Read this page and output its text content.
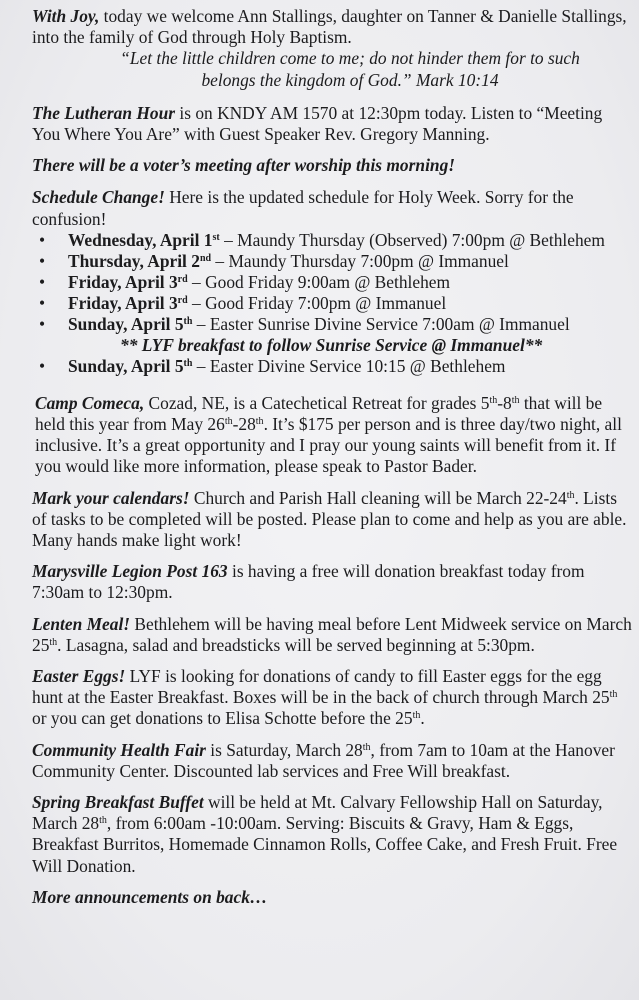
With Joy, today we welcome Ann Stallings, daughter on Tanner & Danielle Stallings, into the family of God through Holy Baptism.

“Let the little children come to me; do not hinder them for to such
belongs the kingdom of God.” Mark 10:14

The Lutheran Hour is on KNDY AM 1570 at 12:30pm today. Listen to “Meeting You Where You Are” with Guest Speaker Rev. Gregory Manning.

There will be a voter’s meeting after worship this morning!

Schedule Change! Here is the updated schedule for Holy Week. Sorry for the confusion!

• Wednesday, April 1st – Maundy Thursday (Observed) 7:00pm @ Bethlehem
• Thursday, April 2nd – Maundy Thursday 7:00pm @ Immanuel
• Friday, April 3rd – Good Friday 9:00am @ Bethlehem
• Friday, April 3rd – Good Friday 7:00pm @ Immanuel
• Sunday, April 5th – Easter Sunrise Divine Service 7:00am @ Immanuel
** LYF breakfast to follow Sunrise Service @ Immanuel**
• Sunday, April 5th – Easter Divine Service 10:15 @ Bethlehem

Camp Comeca, Cozad, NE, is a Catechetical Retreat for grades 5th-8th that will be held this year from May 26th-28th. It’s $175 per person and is three day/two night, all inclusive. It’s a great opportunity and I pray our young saints will benefit from it. If you would like more information, please speak to Pastor Bader.

Mark your calendars! Church and Parish Hall cleaning will be March 22-24th. Lists of tasks to be completed will be posted. Please plan to come and help as you are able. Many hands make light work!

Marysville Legion Post 163 is having a free will donation breakfast today from 7:30am to 12:30pm.

Lenten Meal! Bethlehem will be having meal before Lent Midweek service on March 25th. Lasagna, salad and breadsticks will be served beginning at 5:30pm.

Easter Eggs! LYF is looking for donations of candy to fill Easter eggs for the egg hunt at the Easter Breakfast. Boxes will be in the back of church through March 25th or you can get donations to Elisa Schotte before the 25th.

Community Health Fair is Saturday, March 28th, from 7am to 10am at the Hanover Community Center. Discounted lab services and Free Will breakfast.

Spring Breakfast Buffet will be held at Mt. Calvary Fellowship Hall on Saturday, March 28th, from 6:00am -10:00am. Serving: Biscuits & Gravy, Ham & Eggs, Breakfast Burritos, Homemade Cinnamon Rolls, Coffee Cake, and Fresh Fruit. Free Will Donation.

More announcements on back…
